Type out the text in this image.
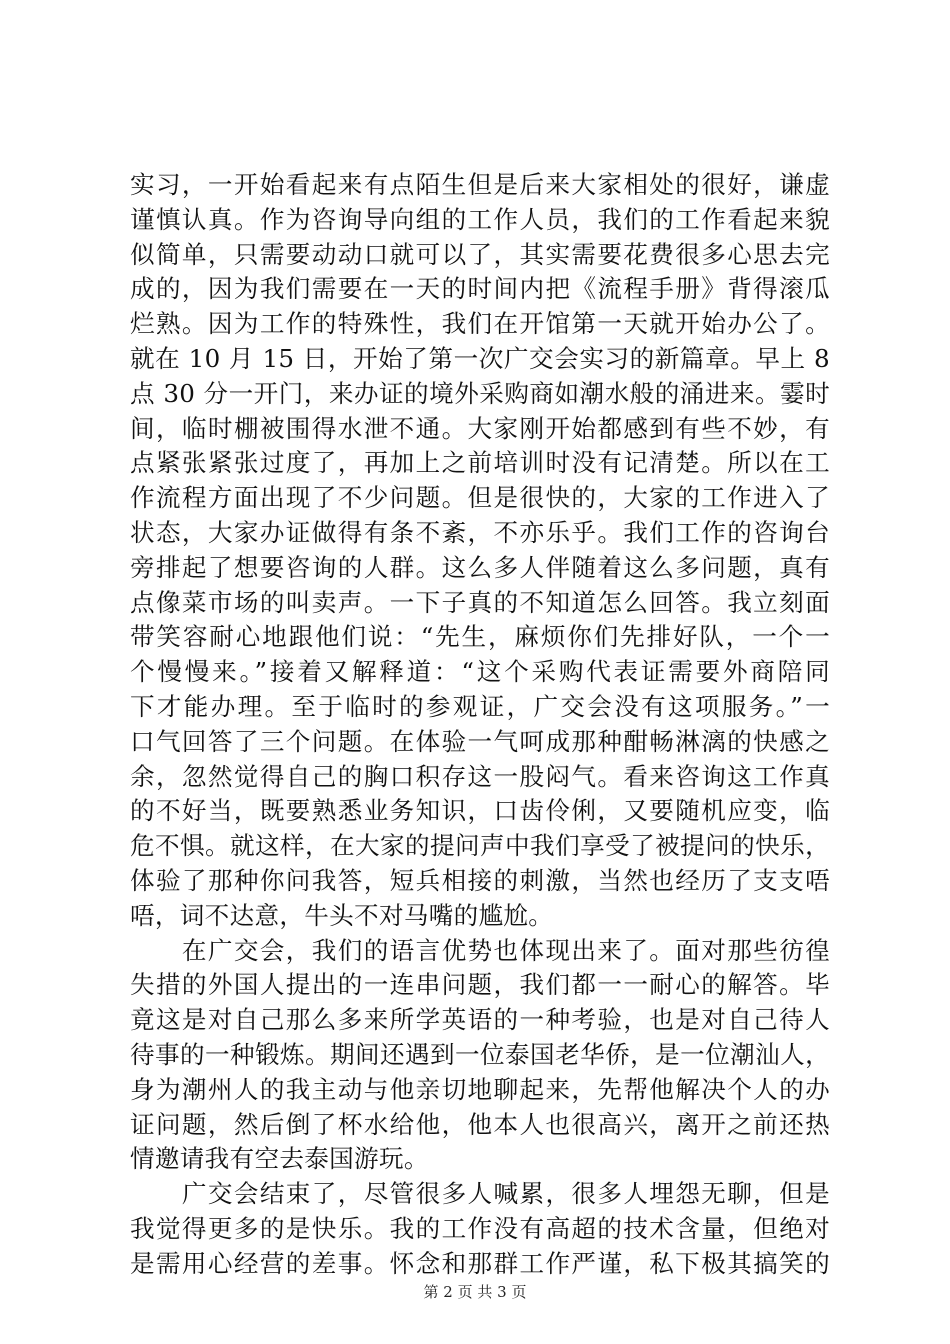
实习，一开始看起来有点陌生但是后来大家相处的很好，谦虚
谨慎认真。作为咨询导向组的工作人员，我们的工作看起来貌
似简单，只需要动动口就可以了，其实需要花费很多心思去完
成的，因为我们需要在一天的时间内把《流程手册》背得滚瓜
烂熟。因为工作的特殊性，我们在开馆第一天就开始办公了。
就在 10 月 15 日，开始了第一次广交会实习的新篇章。早上 8
点 30 分一开门，来办证的境外采购商如潮水般的涌进来。霎时
间，临时棚被围得水泄不通。大家刚开始都感到有些不妙，有
点紧张紧张过度了，再加上之前培训时没有记清楚。所以在工
作流程方面出现了不少问题。但是很快的，大家的工作进入了
状态，大家办证做得有条不紊，不亦乐乎。我们工作的咨询台
旁排起了想要咨询的人群。这么多人伴随着这么多问题，真有
点像菜市场的叫卖声。一下子真的不知道怎么回答。我立刻面
带笑容耐心地跟他们说：“先生，麻烦你们先排好队，一个一
个慢慢来。”接着又解释道：“这个采购代表证需要外商陪同
下才能办理。至于临时的参观证，广交会没有这项服务。”一
口气回答了三个问题。在体验一气呵成那种酣畅淋漓的快感之
余，忽然觉得自己的胸口积存这一股闷气。看来咨询这工作真
的不好当，既要熟悉业务知识，口齿伶俐，又要随机应变，临
危不惧。就这样，在大家的提问声中我们享受了被提问的快乐，
体验了那种你问我答，短兵相接的刺激，当然也经历了支支唔
唔，词不达意，牛头不对马嘴的尴尬。
　　在广交会，我们的语言优势也体现出来了。面对那些彷徨
失措的外国人提出的一连串问题，我们都一一耐心的解答。毕
竟这是对自己那么多来所学英语的一种考验，也是对自己待人
待事的一种锻炼。期间还遇到一位泰国老华侨，是一位潮汕人，
身为潮州人的我主动与他亲切地聊起来，先帮他解决个人的办
证问题，然后倒了杯水给他，他本人也很高兴，离开之前还热
情邀请我有空去泰国游玩。
　　广交会结束了，尽管很多人喊累，很多人埋怨无聊，但是
我觉得更多的是快乐。我的工作没有高超的技术含量，但绝对
是需用心经营的差事。怀念和那群工作严谨，私下极其搞笑的
第 2 页 共 3 页
